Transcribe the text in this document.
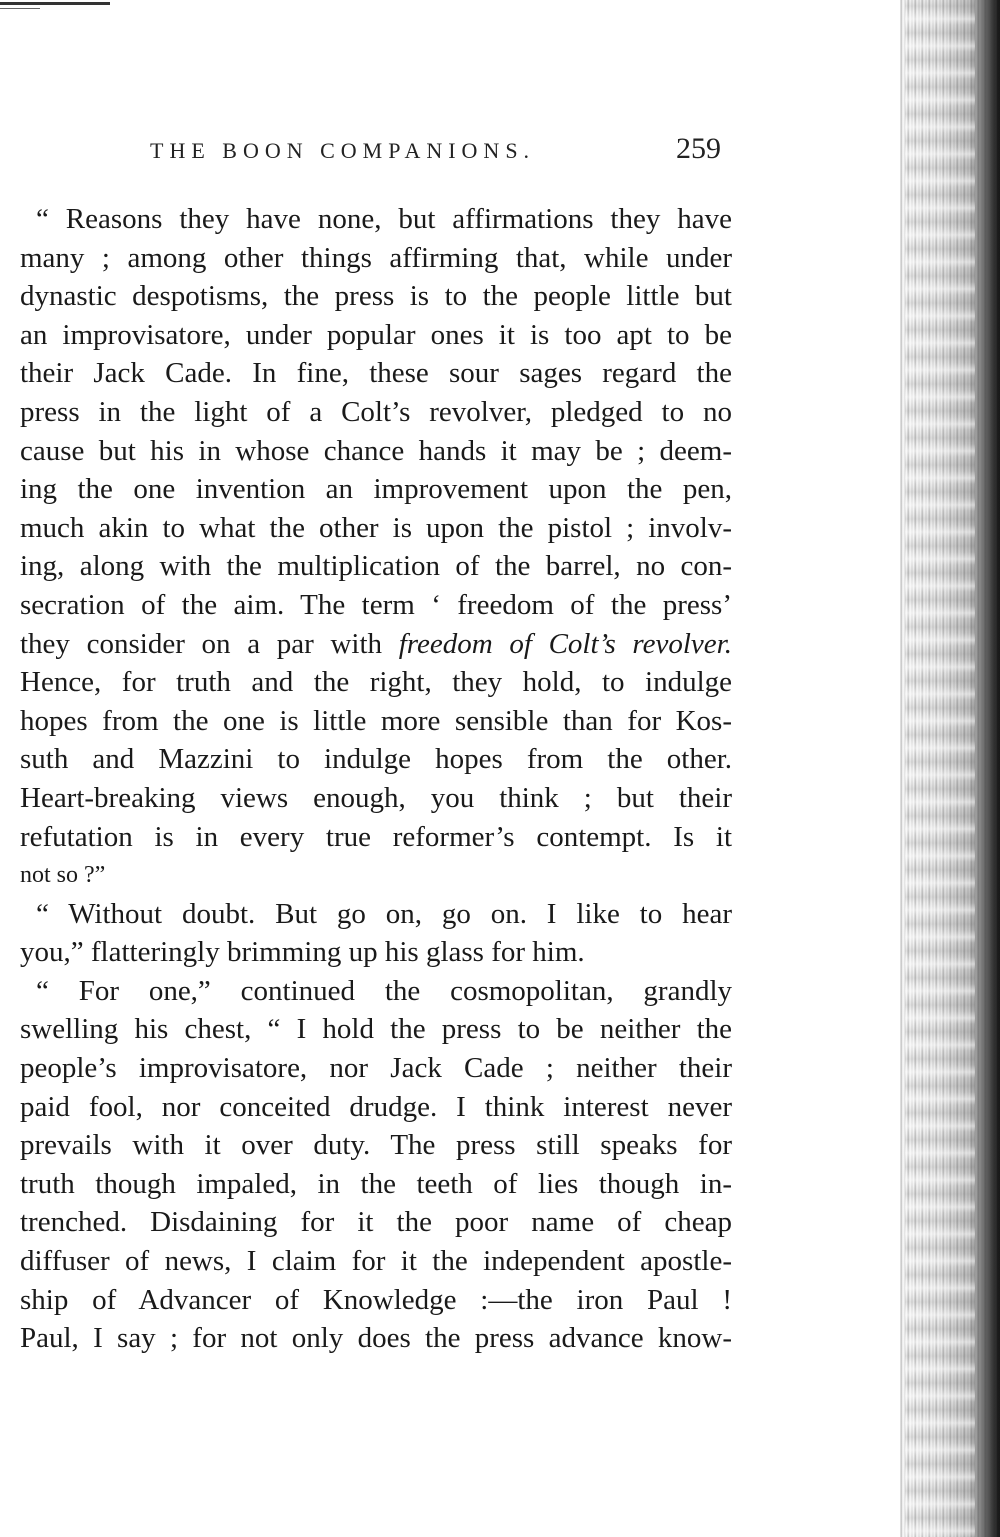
THE BOON COMPANIONS.	259
“ Reasons they have none, but affirmations they have
many ; among other things affirming that, while under
dynastic despotisms, the press is to the people little but
an improvisatore, under popular ones it is too apt to be
their Jack Cade. In fine, these sour sages regard the
press in the light of a Colt’s revolver, pledged to no
cause but his in whose chance hands it may be ; deem-
ing the one invention an improvement upon the pen,
much akin to what the other is upon the pistol ; involv-
ing, along with the multiplication of the barrel, no con-
secration of the aim. The term ‘ freedom of the press’
they consider on a par with freedom of Colt’s revolver.
Hence, for truth and the right, they hold, to indulge
hopes from the one is little more sensible than for Kos-
suth and Mazzini to indulge hopes from the other.
Heart-breaking views enough, you think ; but their
refutation is in every true reformer’s contempt. Is it
not so ?”
“ Without doubt. But go on, go on. I like to hear
you,” flatteringly brimming up his glass for him.
“ For one,” continued the cosmopolitan, grandly
swelling his chest, “ I hold the press to be neither the
people’s improvisatore, nor Jack Cade ; neither their
paid fool, nor conceited drudge. I think interest never
prevails with it over duty. The press still speaks for
truth though impaled, in the teeth of lies though in-
trenched. Disdaining for it the poor name of cheap
diffuser of news, I claim for it the independent apostle-
ship of Advancer of Knowledge :—the iron Paul !
Paul, I say ; for not only does the press advance know-
